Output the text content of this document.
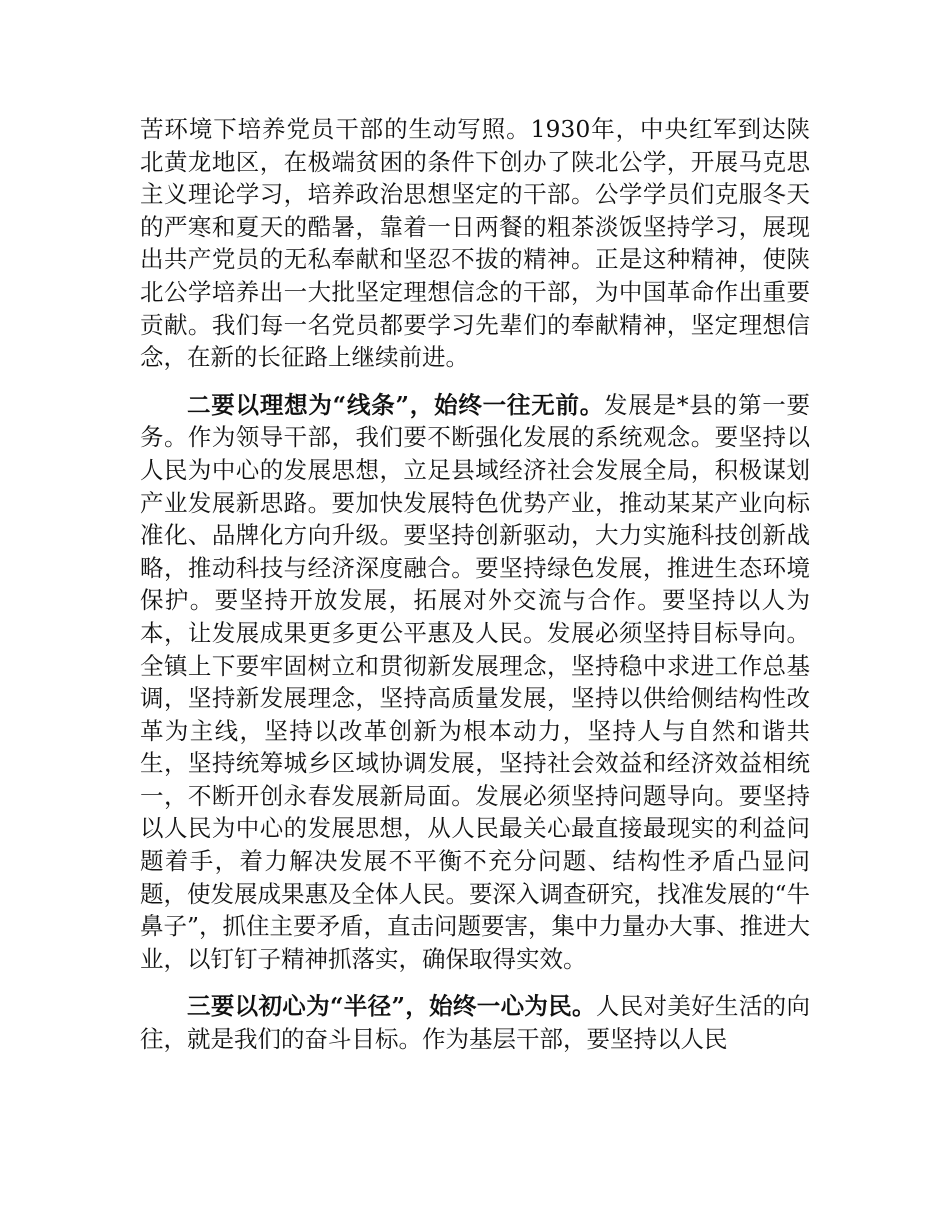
苦环境下培养党员干部的生动写照。1930年，中央红军到达陕北黄龙地区，在极端贫困的条件下创办了陕北公学，开展马克思主义理论学习，培养政治思想坚定的干部。公学学员们克服冬天的严寒和夏天的酷暑，靠着一日两餐的粗茶淡饭坚持学习，展现出共产党员的无私奉献和坚忍不拔的精神。正是这种精神，使陕北公学培养出一大批坚定理想信念的干部，为中国革命作出重要贡献。我们每一名党员都要学习先辈们的奉献精神，坚定理想信念，在新的长征路上继续前进。

二要以理想为“线条”，始终一往无前。发展是*县的第一要务。作为领导干部，我们要不断强化发展的系统观念。要坚持以人民为中心的发展思想，立足县域经济社会发展全局，积极谋划产业发展新思路。要加快发展特色优势产业，推动某某产业向标准化、品牌化方向升级。要坚持创新驱动，大力实施科技创新战略，推动科技与经济深度融合。要坚持绿色发展，推进生态环境保护。要坚持开放发展，拓展对外交流与合作。要坚持以人为本，让发展成果更多更公平惠及人民。发展必须坚持目标导向。全镇上下要牢固树立和贯彻新发展理念，坚持稳中求进工作总基调，坚持新发展理念，坚持高质量发展，坚持以供给侧结构性改革为主线，坚持以改革创新为根本动力，坚持人与自然和谐共生，坚持统筹城乡区域协调发展，坚持社会效益和经济效益相统一，不断开创永春发展新局面。发展必须坚持问题导向。要坚持以人民为中心的发展思想，从人民最关心最直接最现实的利益问题着手，着力解决发展不平衡不充分问题、结构性矛盾凸显问题，使发展成果惠及全体人民。要深入调查研究，找准发展的“牛鼻子”，抓住主要矛盾，直击问题要害，集中力量办大事、推进大业，以钉钉子精神抓落实，确保取得实效。

三要以初心为“半径”，始终一心为民。人民对美好生活的向往，就是我们的奋斗目标。作为基层干部，要坚持以人民
